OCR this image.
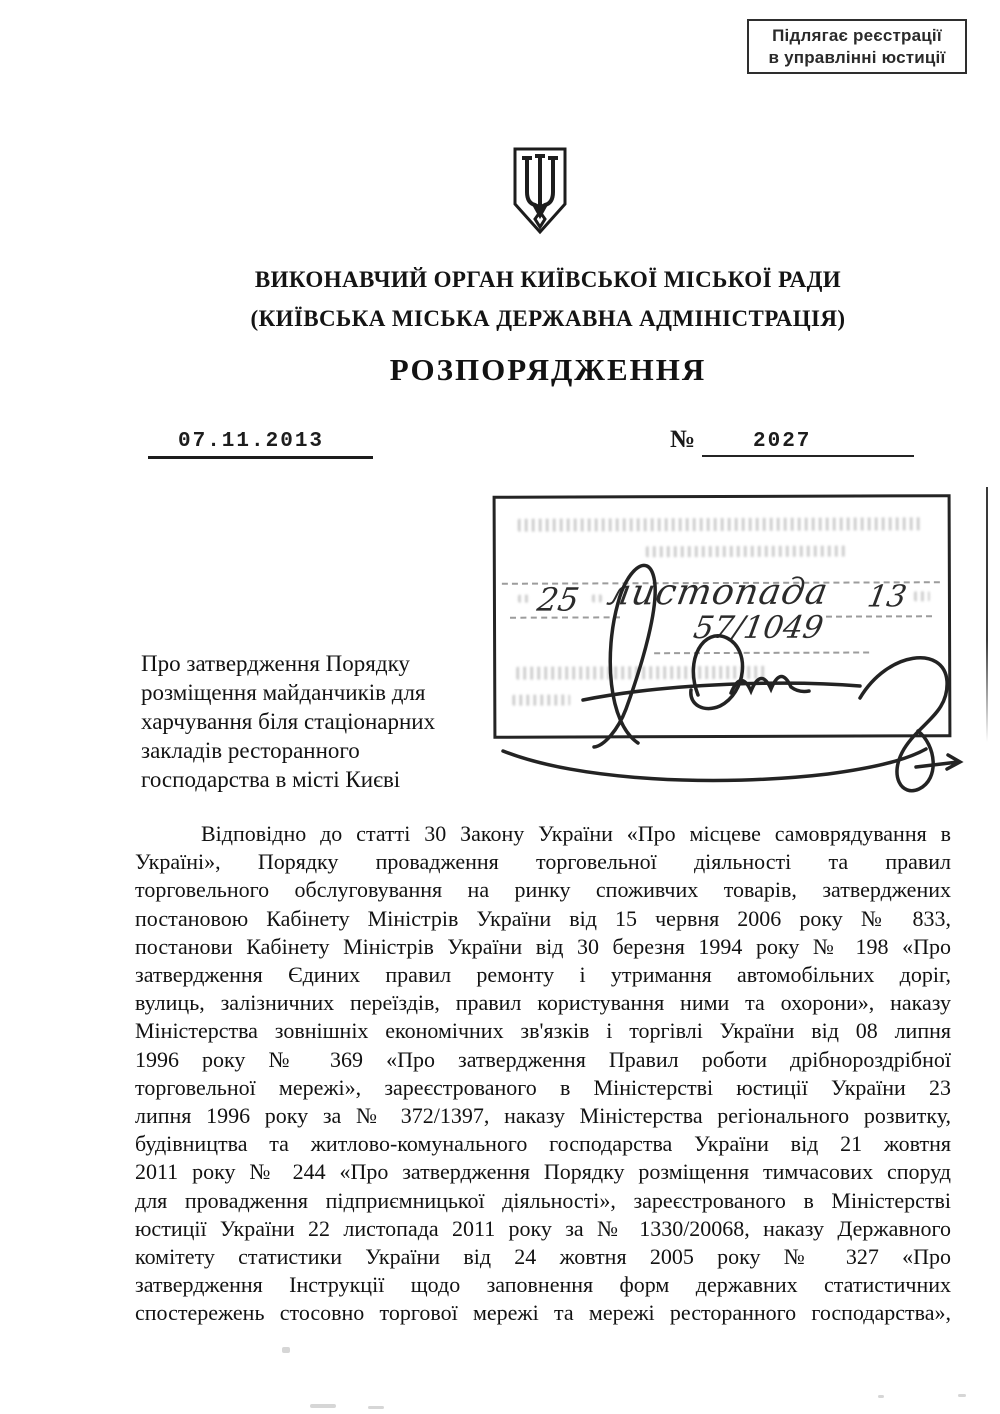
Підлягає реєстрації
в управлінні юстиції
ВИКОНАВЧИЙ ОРГАН КИЇВСЬКОЇ МІСЬКОЇ РАДИ
(КИЇВСЬКА МІСЬКА ДЕРЖАВНА АДМІНІСТРАЦІЯ)
РОЗПОРЯДЖЕННЯ
07.11.2013	№	2027
25 листопада 13
57/1049
Про затвердження Порядку
розміщення майданчиків для
харчування біля стаціонарних
закладів ресторанного
господарства в місті Києві
Відповідно до статті 30 Закону України «Про місцеве самоврядування в
Україні», Порядку провадження торговельної діяльності та правил
торговельного обслуговування на ринку споживчих товарів, затверджених
постановою Кабінету Міністрів України від 15 червня 2006 року № 833,
постанови Кабінету Міністрів України від 30 березня 1994 року № 198 «Про
затвердження Єдиних правил ремонту і утримання автомобільних доріг,
вулиць, залізничних переїздів, правил користування ними та охорони», наказу
Міністерства зовнішніх економічних зв'язків і торгівлі України від 08 липня
1996 року № 369 «Про затвердження Правил роботи дрібнороздрібної
торговельної мережі», зареєстрованого в Міністерстві юстиції України 23
липня 1996 року за № 372/1397, наказу Міністерства регіонального розвитку,
будівництва та житлово-комунального господарства України від 21 жовтня
2011 року № 244 «Про затвердження Порядку розміщення тимчасових споруд
для провадження підприємницької діяльності», зареєстрованого в Міністерстві
юстиції України 22 листопада 2011 року за № 1330/20068, наказу Державного
комітету статистики України від 24 жовтня 2005 року № 327 «Про
затвердження Інструкції щодо заповнення форм державних статистичних
спостережень стосовно торгової мережі та мережі ресторанного господарства»,
